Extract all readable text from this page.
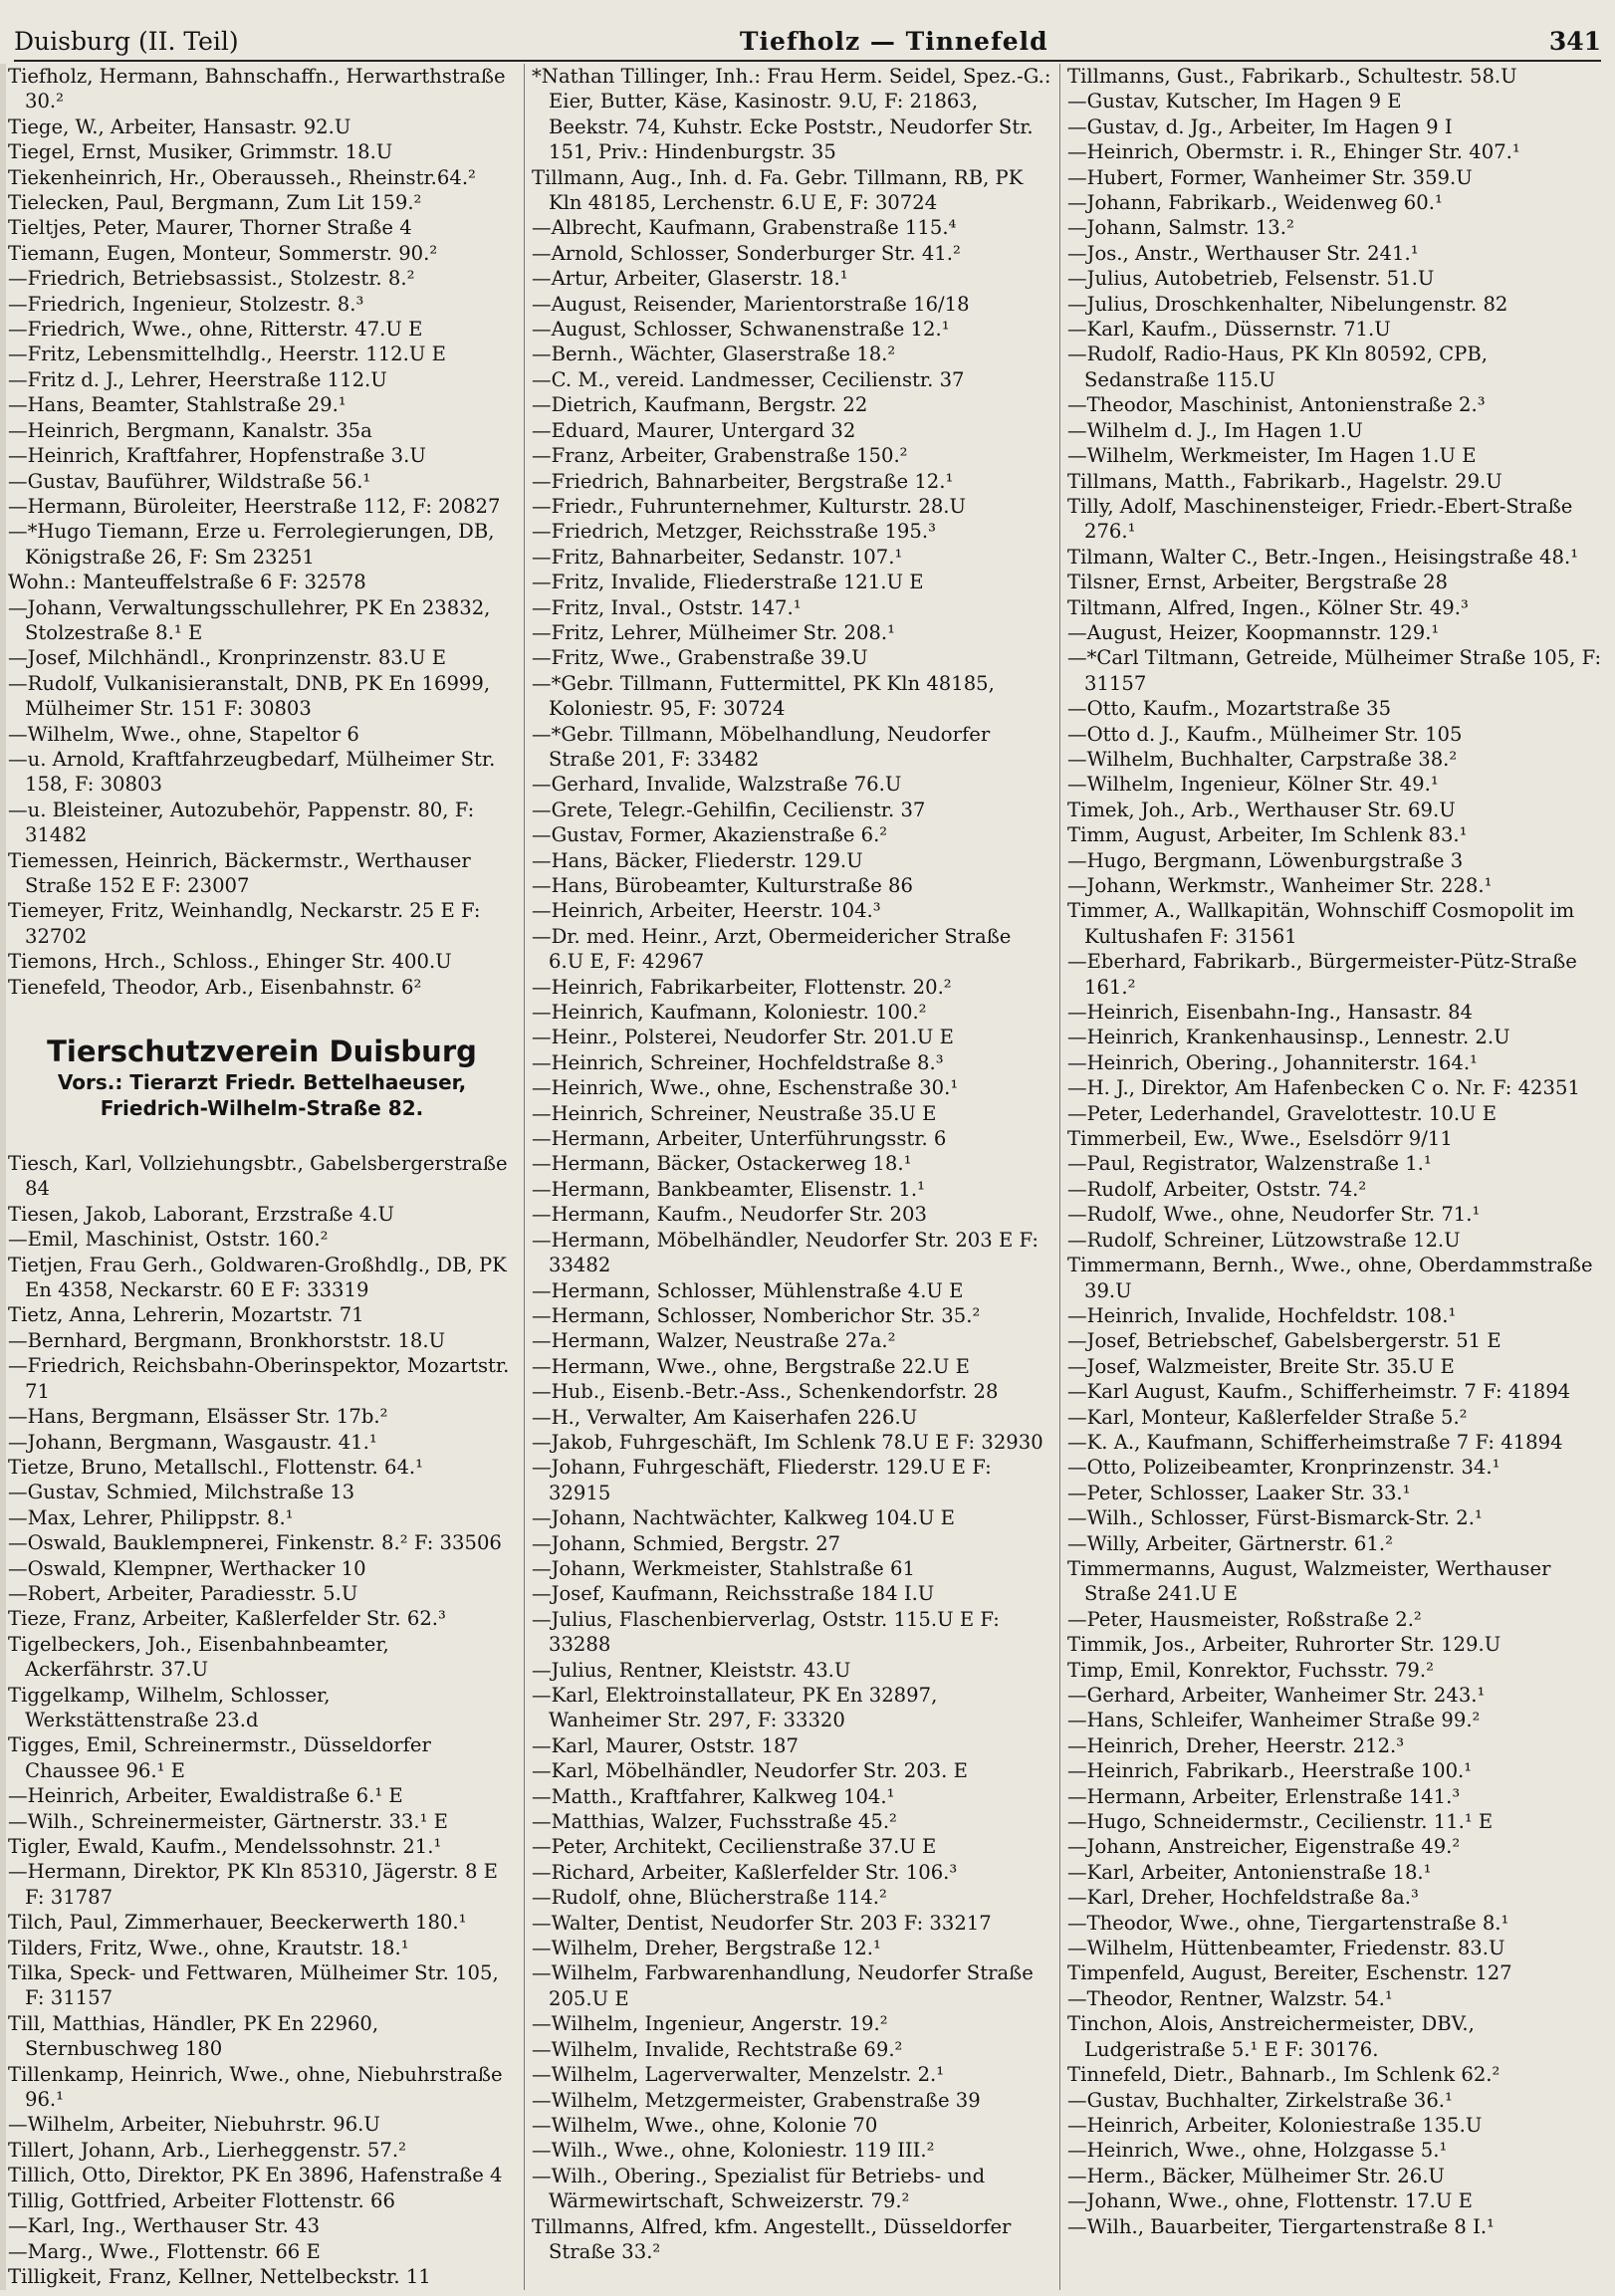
Duisburg (II. Teil)	Tiefholz — Tinnefeld	341
Tiefholz, Hermann, Bahnschaffn., Herwarthstraße 30.²
Tiege, W., Arbeiter, Hansastr. 92.U
Tiegel, Ernst, Musiker, Grimmstr. 18.U
Tiekenheinrich, Hr., Oberausseh., Rheinstr.64.²
Tielecken, Paul, Bergmann, Zum Lit 159.²
Tieltjes, Peter, Maurer, Thorner Straße 4
Tiemann, Eugen, Monteur, Sommerstr. 90.²
—Friedrich, Betriebsassist., Stolzestr. 8.²
—Friedrich, Ingenieur, Stolzestr. 8.³
—Friedrich, Wwe., ohne, Ritterstr. 47.U E
—Fritz, Lebensmittelhdlg., Heerstr. 112.U E
—Fritz d. J., Lehrer, Heerstraße 112.U
—Hans, Beamter, Stahlstraße 29.¹
—Heinrich, Bergmann, Kanalstr. 35a
—Heinrich, Kraftfahrer, Hopfenstraße 3.U
—Gustav, Bauführer, Wildstraße 56.¹
—Hermann, Büroleiter, Heerstraße 112, F: 20827
—*Hugo Tiemann, Erze u. Ferrolegierungen, DB, Königstraße 26, F: Sm 23251
Wohn.: Manteuffelstraße 6 F: 32578
—Johann, Verwaltungsschullehrer, PK En 23832, Stolzestraße 8.¹ E
—Josef, Milchhändl., Kronprinzenstr. 83.U E
—Rudolf, Vulkanisieranstalt, DNB, PK En 16999, Mülheimer Str. 151 F: 30803
—Wilhelm, Wwe., ohne, Stapeltor 6
—u. Arnold, Kraftfahrzeugbedarf, Mülheimer Str. 158, F: 30803
—u. Bleisteiner, Autozubehör, Pappenstr. 80, F: 31482
Tiemessen, Heinrich, Bäckermstr., Werthauser Straße 152 E F: 23007
Tiemeyer, Fritz, Weinhandlg, Neckarstr. 25 E F: 32702
Tiemons, Hrch., Schloss., Ehinger Str. 400.U
Tienefeld, Theodor, Arb., Eisenbahnstr. 6²
Tierschutzverein Duisburg
Vors.: Tierarzt Friedr. Bettelhaeuser,
Friedrich-Wilhelm-Straße 82.
Tiesch, Karl, Vollziehungsbtr., Gabelsbergerstraße 84
Tiesen, Jakob, Laborant, Erzstraße 4.U
—Emil, Maschinist, Oststr. 160.²
Tietjen, Frau Gerh., Goldwaren-Großhdlg., DB, PK En 4358, Neckarstr. 60 E F: 33319
Tietz, Anna, Lehrerin, Mozartstr. 71
—Bernhard, Bergmann, Bronkhorststr. 18.U
—Friedrich, Reichsbahn-Oberinspektor, Mozartstr. 71
—Hans, Bergmann, Elsässer Str. 17b.²
—Johann, Bergmann, Wasgaustr. 41.¹
Tietze, Bruno, Metallschl., Flottenstr. 64.¹
—Gustav, Schmied, Milchstraße 13
—Max, Lehrer, Philippstr. 8.¹
—Oswald, Bauklempnerei, Finkenstr. 8.² F: 33506
—Oswald, Klempner, Werthacker 10
—Robert, Arbeiter, Paradiesstr. 5.U
Tieze, Franz, Arbeiter, Kaßlerfelder Str. 62.³
Tigelbeckers, Joh., Eisenbahnbeamter, Ackerfährstr. 37.U
Tiggelkamp, Wilhelm, Schlosser, Werkstättenstraße 23.d
Tigges, Emil, Schreinermstr., Düsseldorfer Chaussee 96.¹ E
—Heinrich, Arbeiter, Ewaldistraße 6.¹ E
—Wilh., Schreinermeister, Gärtnerstr. 33.¹ E
Tigler, Ewald, Kaufm., Mendelssohnstr. 21.¹
—Hermann, Direktor, PK Kln 85310, Jägerstr. 8 E F: 31787
Tilch, Paul, Zimmerhauer, Beeckerwerth 180.¹
Tilders, Fritz, Wwe., ohne, Krautstr. 18.¹
Tilka, Speck- und Fettwaren, Mülheimer Str. 105, F: 31157
Till, Matthias, Händler, PK En 22960, Sternbuschweg 180
Tillenkamp, Heinrich, Wwe., ohne, Niebuhrstraße 96.¹
—Wilhelm, Arbeiter, Niebuhrstr. 96.U
Tillert, Johann, Arb., Lierheggenstr. 57.²
Tillich, Otto, Direktor, PK En 3896, Hafenstraße 4
Tillig, Gottfried, Arbeiter Flottenstr. 66
—Karl, Ing., Werthauser Str. 43
—Marg., Wwe., Flottenstr. 66 E
Tilligkeit, Franz, Kellner, Nettelbeckstr. 11
*Nathan Tillinger, Inh.: Frau Herm. Seidel, Spez.-G.: Eier, Butter, Käse, Kasinostr. 9.U, F: 21863, Beekstr. 74, Kuhstr. Ecke Poststr., Neudorfer Str. 151, Priv.: Hindenburgstr. 35
Tillmann, Aug., Inh. d. Fa. Gebr. Tillmann, RB, PK Kln 48185, Lerchenstr. 6.U E, F: 30724
—Albrecht, Kaufmann, Grabenstraße 115.⁴
—Arnold, Schlosser, Sonderburger Str. 41.²
—Artur, Arbeiter, Glaserstr. 18.¹
—August, Reisender, Marientorstraße 16/18
—August, Schlosser, Schwanenstraße 12.¹
—Bernh., Wächter, Glaserstraße 18.²
—C. M., vereid. Landmesser, Cecilienstr. 37
—Dietrich, Kaufmann, Bergstr. 22
—Eduard, Maurer, Untergard 32
—Franz, Arbeiter, Grabenstraße 150.²
—Friedrich, Bahnarbeiter, Bergstraße 12.¹
—Friedr., Fuhrunternehmer, Kulturstr. 28.U
—Friedrich, Metzger, Reichsstraße 195.³
—Fritz, Bahnarbeiter, Sedanstr. 107.¹
—Fritz, Invalide, Fliederstraße 121.U E
—Fritz, Inval., Oststr. 147.¹
—Fritz, Lehrer, Mülheimer Str. 208.¹
—Fritz, Wwe., Grabenstraße 39.U
—*Gebr. Tillmann, Futtermittel, PK Kln 48185, Koloniestr. 95, F: 30724
—*Gebr. Tillmann, Möbelhandlung, Neudorfer Straße 201, F: 33482
—Gerhard, Invalide, Walzstraße 76.U
—Grete, Telegr.-Gehilfin, Cecilienstr. 37
—Gustav, Former, Akazienstraße 6.²
—Hans, Bäcker, Fliederstr. 129.U
—Hans, Bürobeamter, Kulturstraße 86
—Heinrich, Arbeiter, Heerstr. 104.³
—Dr. med. Heinr., Arzt, Obermeidericher Straße 6.U E, F: 42967
—Heinrich, Fabrikarbeiter, Flottenstr. 20.²
—Heinrich, Kaufmann, Koloniestr. 100.²
—Heinr., Polsterei, Neudorfer Str. 201.U E
—Heinrich, Schreiner, Hochfeldstraße 8.³
—Heinrich, Wwe., ohne, Eschenstraße 30.¹
—Heinrich, Schreiner, Neustraße 35.U E
—Hermann, Arbeiter, Unterführungsstr. 6
—Hermann, Bäcker, Ostackerweg 18.¹
—Hermann, Bankbeamter, Elisenstr. 1.¹
—Hermann, Kaufm., Neudorfer Str. 203
—Hermann, Möbelhändler, Neudorfer Str. 203 E F: 33482
—Hermann, Schlosser, Mühlenstraße 4.U E
—Hermann, Schlosser, Nomberichor Str. 35.²
—Hermann, Walzer, Neustraße 27a.²
—Hermann, Wwe., ohne, Bergstraße 22.U E
—Hub., Eisenb.-Betr.-Ass., Schenkendorfstr. 28
—H., Verwalter, Am Kaiserhafen 226.U
—Jakob, Fuhrgeschäft, Im Schlenk 78.U E F: 32930
—Johann, Fuhrgeschäft, Fliederstr. 129.U E F: 32915
—Johann, Nachtwächter, Kalkweg 104.U E
—Johann, Schmied, Bergstr. 27
—Johann, Werkmeister, Stahlstraße 61
—Josef, Kaufmann, Reichsstraße 184 I.U
—Julius, Flaschenbierverlag, Oststr. 115.U E F: 33288
—Julius, Rentner, Kleiststr. 43.U
—Karl, Elektroinstallateur, PK En 32897, Wanheimer Str. 297, F: 33320
—Karl, Maurer, Oststr. 187
—Karl, Möbelhändler, Neudorfer Str. 203. E
—Matth., Kraftfahrer, Kalkweg 104.¹
—Matthias, Walzer, Fuchsstraße 45.²
—Peter, Architekt, Cecilienstraße 37.U E
—Richard, Arbeiter, Kaßlerfelder Str. 106.³
—Rudolf, ohne, Blücherstraße 114.²
—Walter, Dentist, Neudorfer Str. 203 F: 33217
—Wilhelm, Dreher, Bergstraße 12.¹
—Wilhelm, Farbwarenhandlung, Neudorfer Straße 205.U E
—Wilhelm, Ingenieur, Angerstr. 19.²
—Wilhelm, Invalide, Rechtstraße 69.²
—Wilhelm, Lagerverwalter, Menzelstr. 2.¹
—Wilhelm, Metzgermeister, Grabenstraße 39
—Wilhelm, Wwe., ohne, Kolonie 70
—Wilh., Wwe., ohne, Koloniestr. 119 III.²
—Wilh., Obering., Spezialist für Betriebs- und Wärmewirtschaft, Schweizerstr. 79.²
Tillmanns, Alfred, kfm. Angestellt., Düsseldorfer Straße 33.²
Tillmanns, Gust., Fabrikarb., Schultestr. 58.U
—Gustav, Kutscher, Im Hagen 9 E
—Gustav, d. Jg., Arbeiter, Im Hagen 9 I
—Heinrich, Obermstr. i. R., Ehinger Str. 407.¹
—Hubert, Former, Wanheimer Str. 359.U
—Johann, Fabrikarb., Weidenweg 60.¹
—Johann, Salmstr. 13.²
—Jos., Anstr., Werthauser Str. 241.¹
—Julius, Autobetrieb, Felsenstr. 51.U
—Julius, Droschkenhalter, Nibelungenstr. 82
—Karl, Kaufm., Düssernstr. 71.U
—Rudolf, Radio-Haus, PK Kln 80592, CPB, Sedanstraße 115.U
—Theodor, Maschinist, Antonienstraße 2.³
—Wilhelm d. J., Im Hagen 1.U
—Wilhelm, Werkmeister, Im Hagen 1.U E
Tillmans, Matth., Fabrikarb., Hagelstr. 29.U
Tilly, Adolf, Maschinensteiger, Friedr.-Ebert-Straße 276.¹
Tilmann, Walter C., Betr.-Ingen., Heisingstraße 48.¹
Tilsner, Ernst, Arbeiter, Bergstraße 28
Tiltmann, Alfred, Ingen., Kölner Str. 49.³
—August, Heizer, Koopmannstr. 129.¹
—*Carl Tiltmann, Getreide, Mülheimer Straße 105, F: 31157
—Otto, Kaufm., Mozartstraße 35
—Otto d. J., Kaufm., Mülheimer Str. 105
—Wilhelm, Buchhalter, Carpstraße 38.²
—Wilhelm, Ingenieur, Kölner Str. 49.¹
Timek, Joh., Arb., Werthauser Str. 69.U
Timm, August, Arbeiter, Im Schlenk 83.¹
—Hugo, Bergmann, Löwenburgstraße 3
—Johann, Werkmstr., Wanheimer Str. 228.¹
Timmer, A., Wallkapitän, Wohnschiff Cosmopolit im Kultushafen F: 31561
—Eberhard, Fabrikarb., Bürgermeister-Pütz-Straße 161.²
—Heinrich, Eisenbahn-Ing., Hansastr. 84
—Heinrich, Krankenhausinsp., Lennestr. 2.U
—Heinrich, Obering., Johanniterstr. 164.¹
—H. J., Direktor, Am Hafenbecken C o. Nr. F: 42351
—Peter, Lederhandel, Gravelottestr. 10.U E
Timmerbeil, Ew., Wwe., Eselsdörr 9/11
—Paul, Registrator, Walzenstraße 1.¹
—Rudolf, Arbeiter, Oststr. 74.²
—Rudolf, Wwe., ohne, Neudorfer Str. 71.¹
—Rudolf, Schreiner, Lützowstraße 12.U
Timmermann, Bernh., Wwe., ohne, Oberdammstraße 39.U
—Heinrich, Invalide, Hochfeldstr. 108.¹
—Josef, Betriebschef, Gabelsbergerstr. 51 E
—Josef, Walzmeister, Breite Str. 35.U E
—Karl August, Kaufm., Schifferheimstr. 7 F: 41894
—Karl, Monteur, Kaßlerfelder Straße 5.²
—K. A., Kaufmann, Schifferheimstraße 7 F: 41894
—Otto, Polizeibeamter, Kronprinzenstr. 34.¹
—Peter, Schlosser, Laaker Str. 33.¹
—Wilh., Schlosser, Fürst-Bismarck-Str. 2.¹
—Willy, Arbeiter, Gärtnerstr. 61.²
Timmermanns, August, Walzmeister, Werthauser Straße 241.U E
—Peter, Hausmeister, Roßstraße 2.²
Timmik, Jos., Arbeiter, Ruhrorter Str. 129.U
Timp, Emil, Konrektor, Fuchsstr. 79.²
—Gerhard, Arbeiter, Wanheimer Str. 243.¹
—Hans, Schleifer, Wanheimer Straße 99.²
—Heinrich, Dreher, Heerstr. 212.³
—Heinrich, Fabrikarb., Heerstraße 100.¹
—Hermann, Arbeiter, Erlenstraße 141.³
—Hugo, Schneidermstr., Cecilienstr. 11.¹ E
—Johann, Anstreicher, Eigenstraße 49.²
—Karl, Arbeiter, Antonienstraße 18.¹
—Karl, Dreher, Hochfeldstraße 8a.³
—Theodor, Wwe., ohne, Tiergartenstraße 8.¹
—Wilhelm, Hüttenbeamter, Friedenstr. 83.U
Timpenfeld, August, Bereiter, Eschenstr. 127
—Theodor, Rentner, Walzstr. 54.¹
Tinchon, Alois, Anstreichermeister, DBV., Ludgeristraße 5.¹ E F: 30176.
Tinnefeld, Dietr., Bahnarb., Im Schlenk 62.²
—Gustav, Buchhalter, Zirkelstraße 36.¹
—Heinrich, Arbeiter, Koloniestraße 135.U
—Heinrich, Wwe., ohne, Holzgasse 5.¹
—Herm., Bäcker, Mülheimer Str. 26.U
—Johann, Wwe., ohne, Flottenstr. 17.U E
—Wilh., Bauarbeiter, Tiergartenstraße 8 I.¹
